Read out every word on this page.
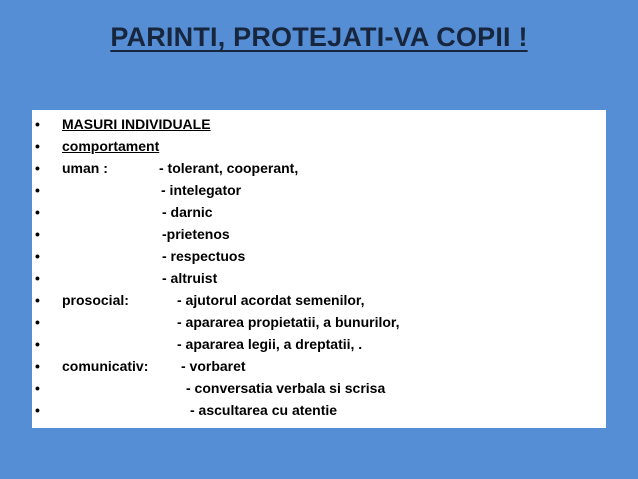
PARINTI, PROTEJATI-VA COPII !
• MASURI INDIVIDUALE
• comportament
• uman :	- tolerant, cooperant,
•	- intelegator
•	- darnic
•	-prietenos
•	- respectuos
•	- altruist
• prosocial:	- ajutorul acordat semenilor,
•	- apararea propietatii, a bunurilor,
•	- apararea legii, a dreptatii, .
• comunicativ: - vorbaret
•	- conversatia verbala si scrisa
•	- ascultarea cu atentie
